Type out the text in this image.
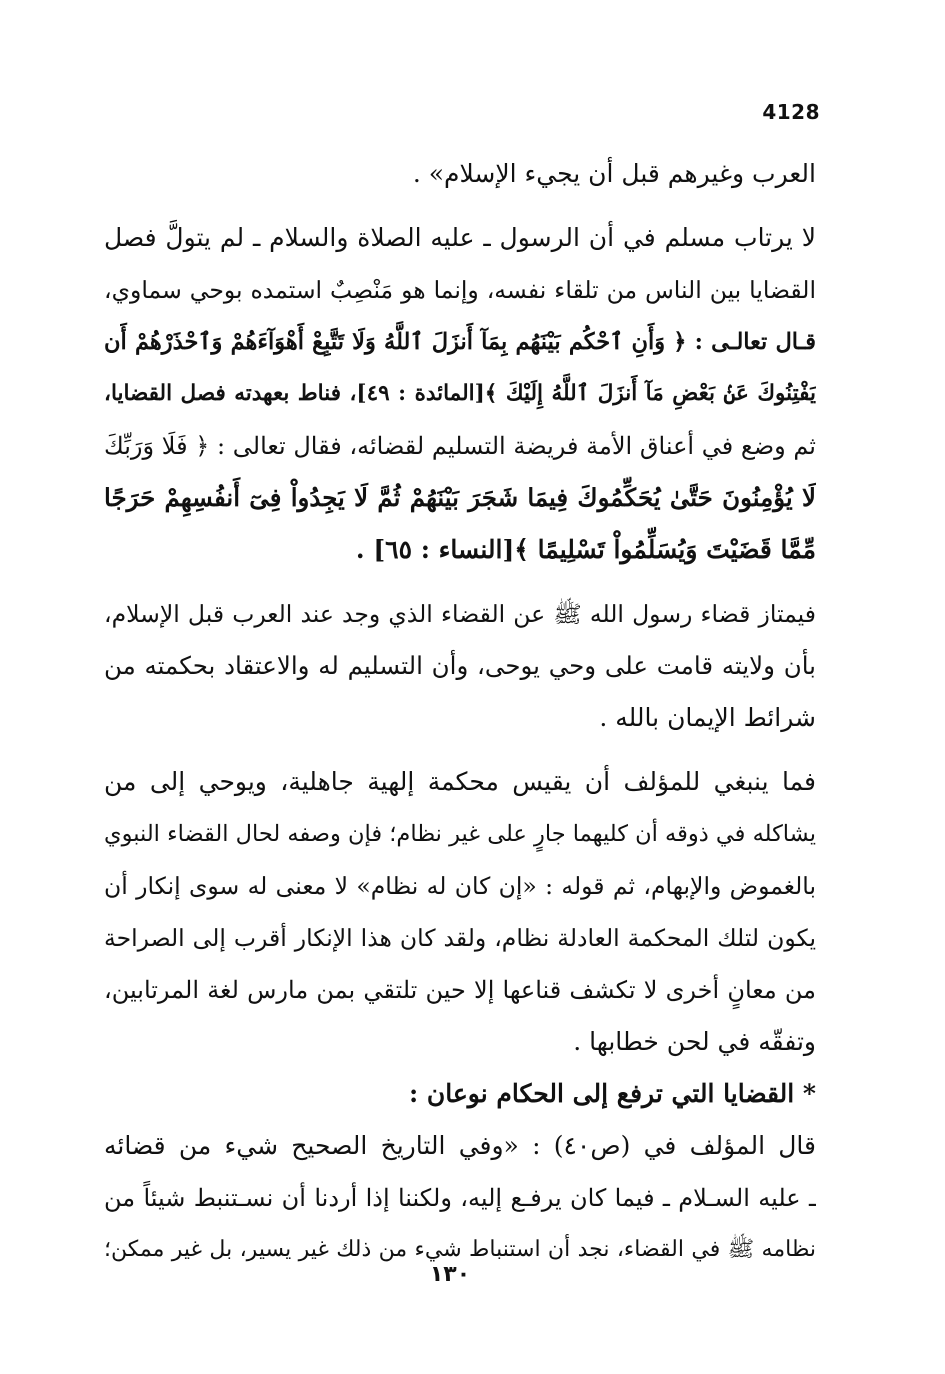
4128
العرب وغيرهم قبل أن يجيء الإسلام» .
لا يرتاب مسلم في أن الرسول ـ عليه الصلاة والسلام ـ لم يتولَّ فصل
القضايا بين الناس من تلقاء نفسه، وإنما هو مَنْصِبٌ استمده بوحي سماوي،
قـال تعالـى : ﴿ وَأَنِ ٱحْكُم بَيْنَهُم بِمَآ أَنزَلَ ٱللَّهُ وَلَا تَتَّبِعْ أَهْوَآءَهُمْ وَٱحْذَرْهُمْ أَن
يَفْتِنُوكَ عَنۢ بَعْضِ مَآ أَنزَلَ ٱللَّهُ إِلَيْكَ ﴾[المائدة : ٤٩]، فناط بعهدته فصل القضايا،
ثم وضع في أعناق الأمة فريضة التسليم لقضائه، فقال تعالى : ﴿ فَلَا وَرَبِّكَ
لَا يُؤْمِنُونَ حَتَّىٰ يُحَكِّمُوكَ فِيمَا شَجَرَ بَيْنَهُمْ ثُمَّ لَا يَجِدُواْ فِىٓ أَنفُسِهِمْ حَرَجًا
مِّمَّا قَضَيْتَ وَيُسَلِّمُواْ تَسْلِيمًا ﴾[النساء : ٦٥] .
فيمتاز قضاء رسول الله ﷺ عن القضاء الذي وجد عند العرب قبل الإسلام،
بأن ولايته قامت على وحي يوحى، وأن التسليم له والاعتقاد بحكمته من
شرائط الإيمان بالله .
فما ينبغي للمؤلف أن يقيس محكمة إلهية جاهلية، ويوحي إلى من
يشاكله في ذوقه أن كليهما جارٍ على غير نظام؛ فإن وصفه لحال القضاء النبوي
بالغموض والإبهام، ثم قوله : «إن كان له نظام» لا معنى له سوى إنكار أن
يكون لتلك المحكمة العادلة نظام، ولقد كان هذا الإنكار أقرب إلى الصراحة
من معانٍ أخرى لا تكشف قناعها إلا حين تلتقي بمن مارس لغة المرتابين،
وتفقّه في لحن خطابها .
* القضايا التي ترفع إلى الحكام نوعان :
قال المؤلف في (ص٤٠) : «وفي التاريخ الصحيح شيء من قضائه
ـ عليه السـلام ـ فيما كان يرفـع إليه، ولكننا إذا أردنا أن نسـتنبط شيئاً من
نظامه ﷺ في القضاء، نجد أن استنباط شيء من ذلك غير يسير، بل غير ممكن؛
١٣٠
